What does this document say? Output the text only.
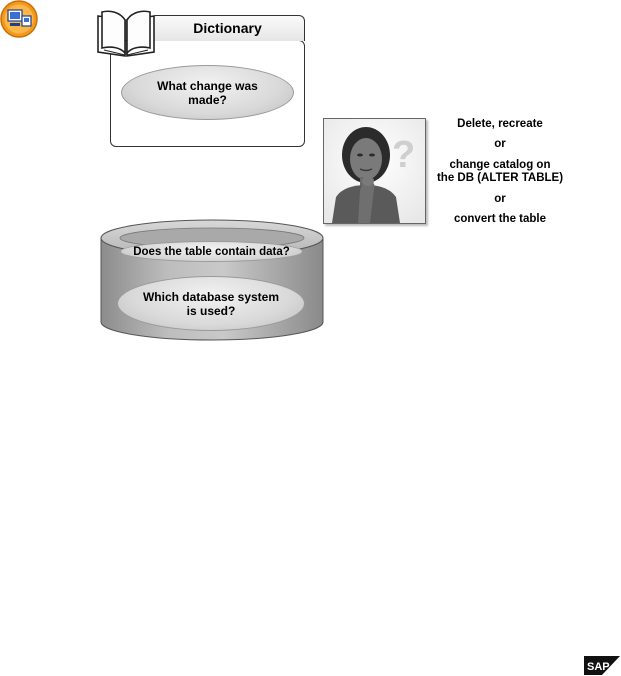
Dictionary
What change was
made?
?
Delete, recreate
or
change catalog on
the DB (ALTER TABLE)
or
convert the table
Does the table contain data?
Which database system
is used?
SAP
